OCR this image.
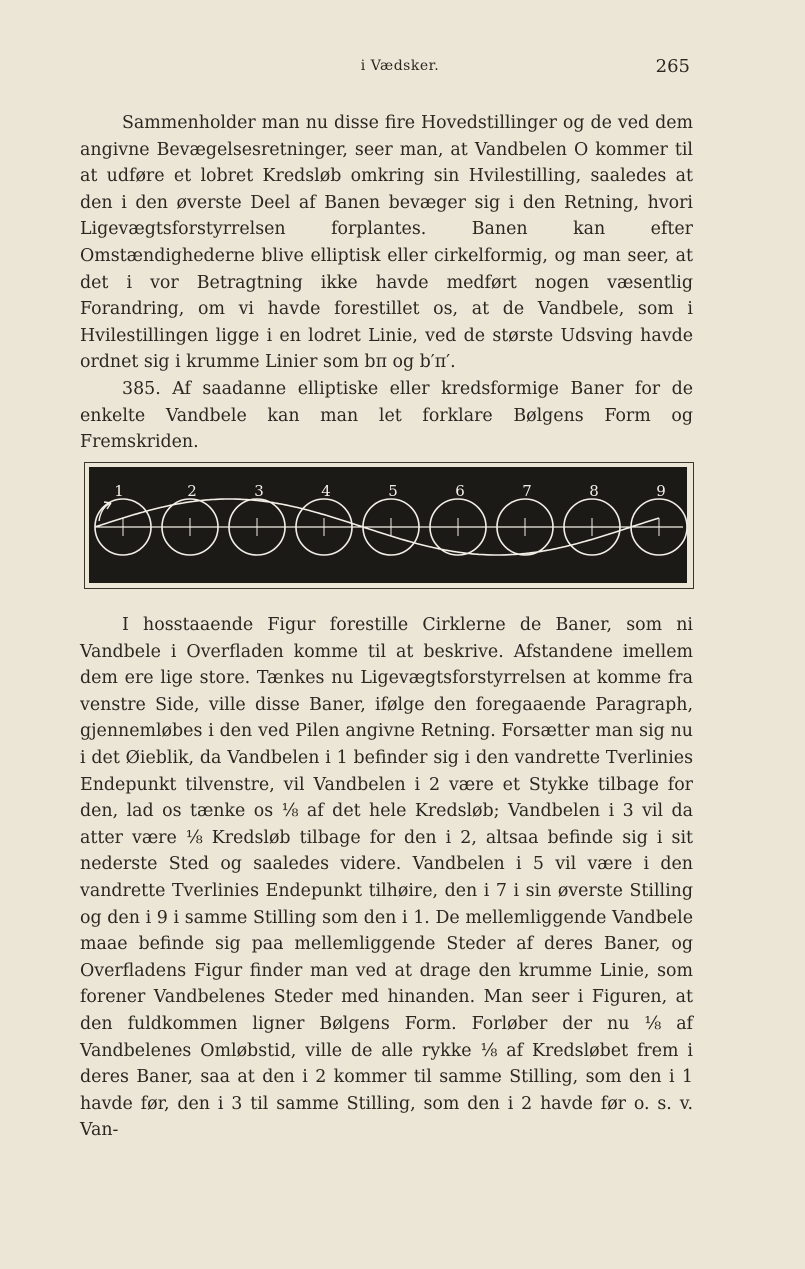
i Vædsker.	265

Sammenholder man nu disse fire Hovedstillinger og de ved dem angivne Bevægelsesretninger, seer man, at Vandbelen O kommer til at udføre et lobret Kredsløb omkring sin Hvilestilling, saaledes at den i den øverste Deel af Banen bevæger sig i den Retning, hvori Ligevægtsforstyrrelsen forplantes. Banen kan efter Omstændighederne blive elliptisk eller cirkelformig, og man seer, at det i vor Betragtning ikke havde medført nogen væsentlig Forandring, om vi havde forestillet os, at de Vandbele, som i Hvilestillingen ligge i en lodret Linie, ved de største Udsving havde ordnet sig i krumme Linier som bπ og b′π′.

385. Af saadanne elliptiske eller kredsformige Baner for de enkelte Vandbele kan man let forklare Bølgens Form og Fremskriden.

1	2	3	4	5	6	7	8	9

I hosstaaende Figur forestille Cirklerne de Baner, som ni Vandbele i Overfladen komme til at beskrive. Afstandene imellem dem ere lige store. Tænkes nu Ligevægtsforstyrrelsen at komme fra venstre Side, ville disse Baner, ifølge den foregaaende Paragraph, gjennemløbes i den ved Pilen angivne Retning. Forsætter man sig nu i det Øieblik, da Vandbelen i 1 befinder sig i den vandrette Tverlinies Endepunkt tilvenstre, vil Vandbelen i 2 være et Stykke tilbage for den, lad os tænke os ⅛ af det hele Kredsløb; Vandbelen i 3 vil da atter være ⅛ Kredsløb tilbage for den i 2, altsaa befinde sig i sit nederste Sted og saaledes videre. Vandbelen i 5 vil være i den vandrette Tverlinies Endepunkt tilhøire, den i 7 i sin øverste Stilling og den i 9 i samme Stilling som den i 1. De mellemliggende Vandbele maae befinde sig paa mellemliggende Steder af deres Baner, og Overfladens Figur finder man ved at drage den krumme Linie, som forener Vandbelenes Steder med hinanden. Man seer i Figuren, at den fuldkommen ligner Bølgens Form. Forløber der nu ⅛ af Vandbelenes Omløbstid, ville de alle rykke ⅛ af Kredsløbet frem i deres Baner, saa at den i 2 kommer til samme Stilling, som den i 1 havde før, den i 3 til samme Stilling, som den i 2 havde før o. s. v. Van-
